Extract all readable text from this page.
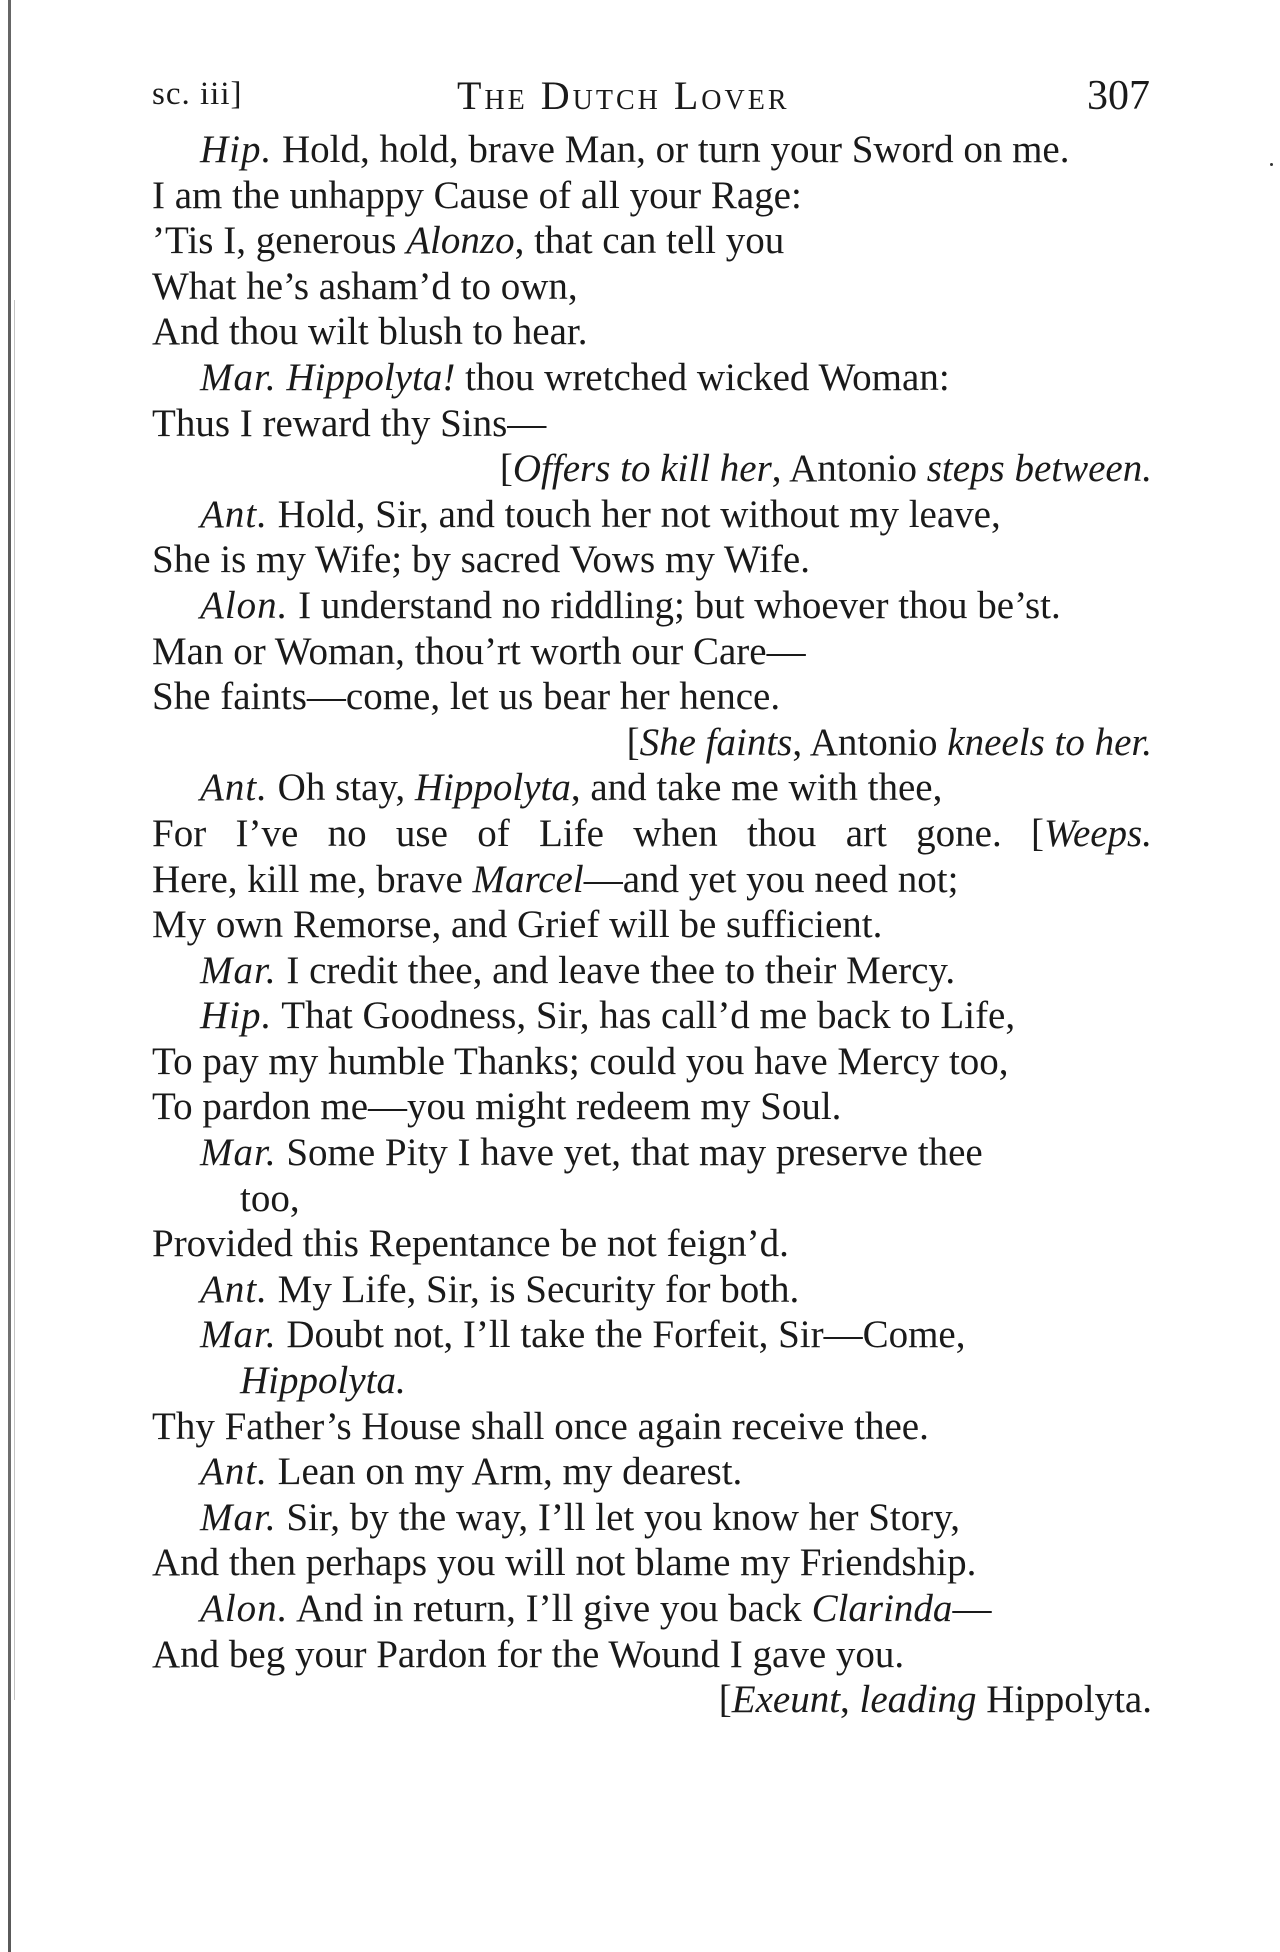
sc. iii]	The Dutch Lover	307
Hip. Hold, hold, brave Man, or turn your Sword on me.
I am the unhappy Cause of all your Rage:
’Tis I, generous Alonzo, that can tell you
What he’s asham’d to own,
And thou wilt blush to hear.
Mar. Hippolyta! thou wretched wicked Woman:
Thus I reward thy Sins—
[Offers to kill her, Antonio steps between.
Ant. Hold, Sir, and touch her not without my leave,
She is my Wife; by sacred Vows my Wife.
Alon. I understand no riddling; but whoever thou be’st.
Man or Woman, thou’rt worth our Care—
She faints—come, let us bear her hence.
[She faints, Antonio kneels to her.
Ant. Oh stay, Hippolyta, and take me with thee,
For I’ve no use of Life when thou art gone. [Weeps.
Here, kill me, brave Marcel—and yet you need not;
My own Remorse, and Grief will be sufficient.
Mar. I credit thee, and leave thee to their Mercy.
Hip. That Goodness, Sir, has call’d me back to Life,
To pay my humble Thanks; could you have Mercy too,
To pardon me—you might redeem my Soul.
Mar. Some Pity I have yet, that may preserve thee
too,
Provided this Repentance be not feign’d.
Ant. My Life, Sir, is Security for both.
Mar. Doubt not, I’ll take the Forfeit, Sir—Come,
Hippolyta.
Thy Father’s House shall once again receive thee.
Ant. Lean on my Arm, my dearest.
Mar. Sir, by the way, I’ll let you know her Story,
And then perhaps you will not blame my Friendship.
Alon. And in return, I’ll give you back Clarinda—
And beg your Pardon for the Wound I gave you.
[Exeunt, leading Hippolyta.
